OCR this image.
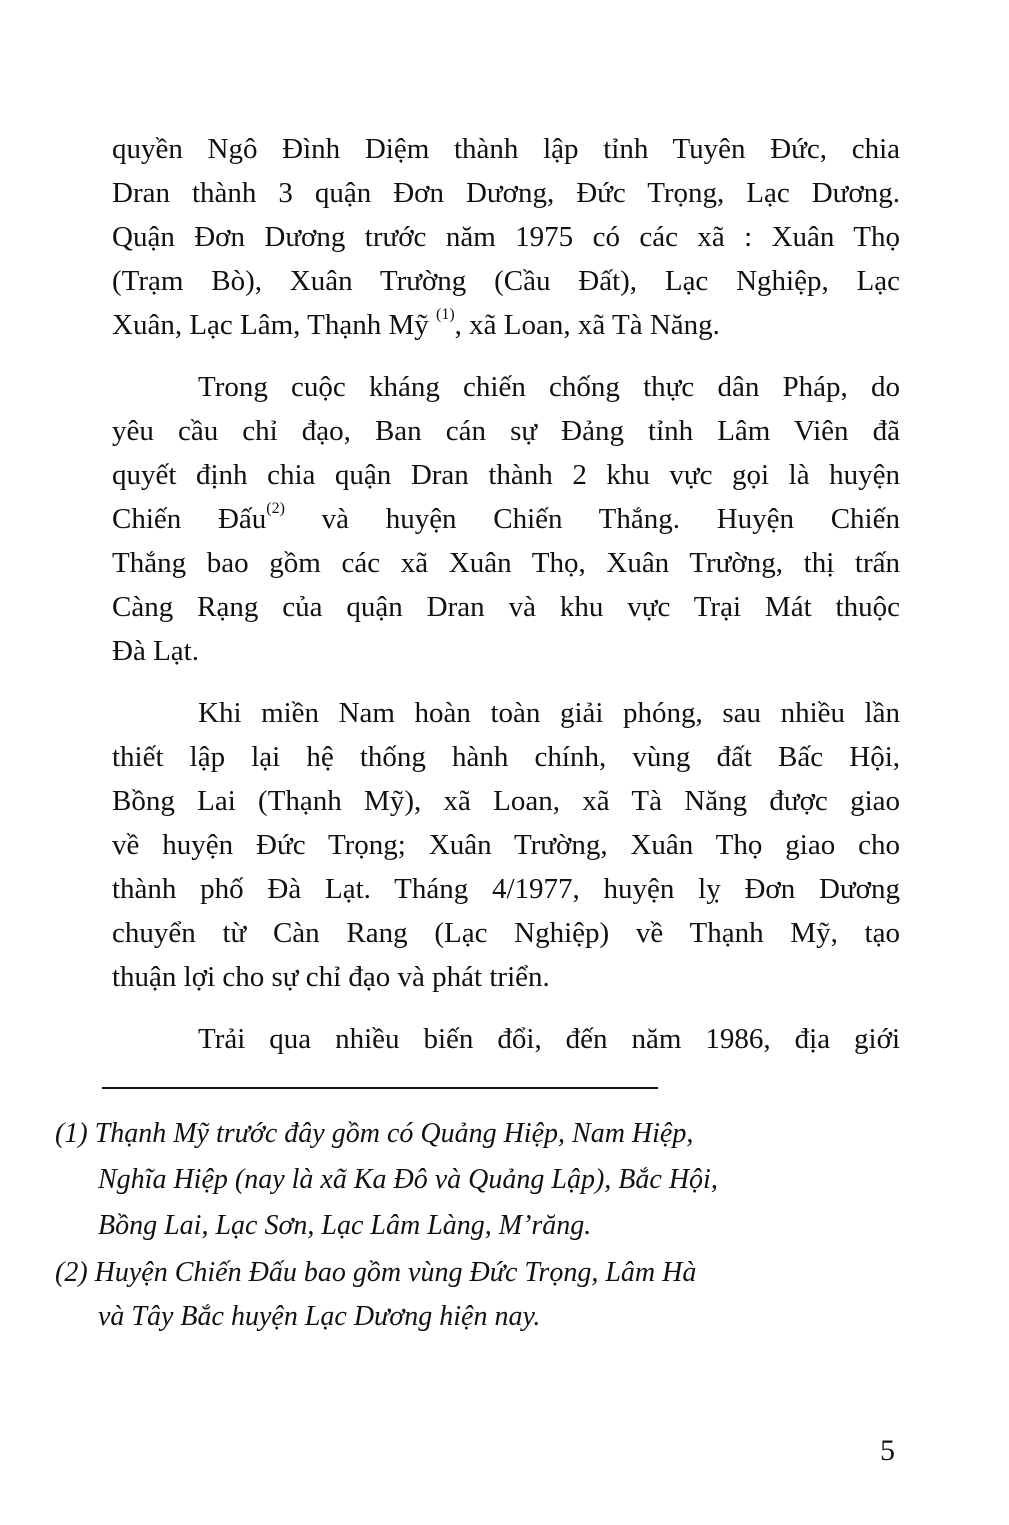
quyền Ngô Đình Diệm thành lập tỉnh Tuyên Đức, chia
Dran thành 3 quận Đơn Dương, Đức Trọng, Lạc Dương.
Quận Đơn Dương trước năm 1975 có các xã : Xuân Thọ
(Trạm Bò), Xuân Trường (Cầu Đất), Lạc Nghiệp, Lạc
Xuân, Lạc Lâm, Thạnh Mỹ $^{(1)}$, xã Loan, xã Tà Năng.
Trong cuộc kháng chiến chống thực dân Pháp, do
yêu cầu chỉ đạo, Ban cán sự Đảng tỉnh Lâm Viên đã
quyết định chia quận Dran thành 2 khu vực gọi là huyện
Chiến Đấu$^{(2)}$ và huyện Chiến Thắng. Huyện Chiến
Thắng bao gồm các xã Xuân Thọ, Xuân Trường, thị trấn
Càng Rạng của quận Dran và khu vực Trại Mát thuộc
Đà Lạt.
Khi miền Nam hoàn toàn giải phóng, sau nhiều lần
thiết lập lại hệ thống hành chính, vùng đất Bấc Hội,
Bồng Lai (Thạnh Mỹ), xã Loan, xã Tà Năng được giao
về huyện Đức Trọng; Xuân Trường, Xuân Thọ giao cho
thành phố Đà Lạt. Tháng 4/1977, huyện lỵ Đơn Dương
chuyển từ Càn Rang (Lạc Nghiệp) về Thạnh Mỹ, tạo
thuận lợi cho sự chỉ đạo và phát triển.
Trải qua nhiều biến đổi, đến năm 1986, địa giới
(1) Thạnh Mỹ trước đây gồm có Quảng Hiệp, Nam Hiệp,
Nghĩa Hiệp (nay là xã Ka Đô và Quảng Lập), Bắc Hội,
Bồng Lai, Lạc Sơn, Lạc Lâm Làng, M’răng.
(2) Huyện Chiến Đấu bao gồm vùng Đức Trọng, Lâm Hà
và Tây Bắc huyện Lạc Dương hiện nay.
5
